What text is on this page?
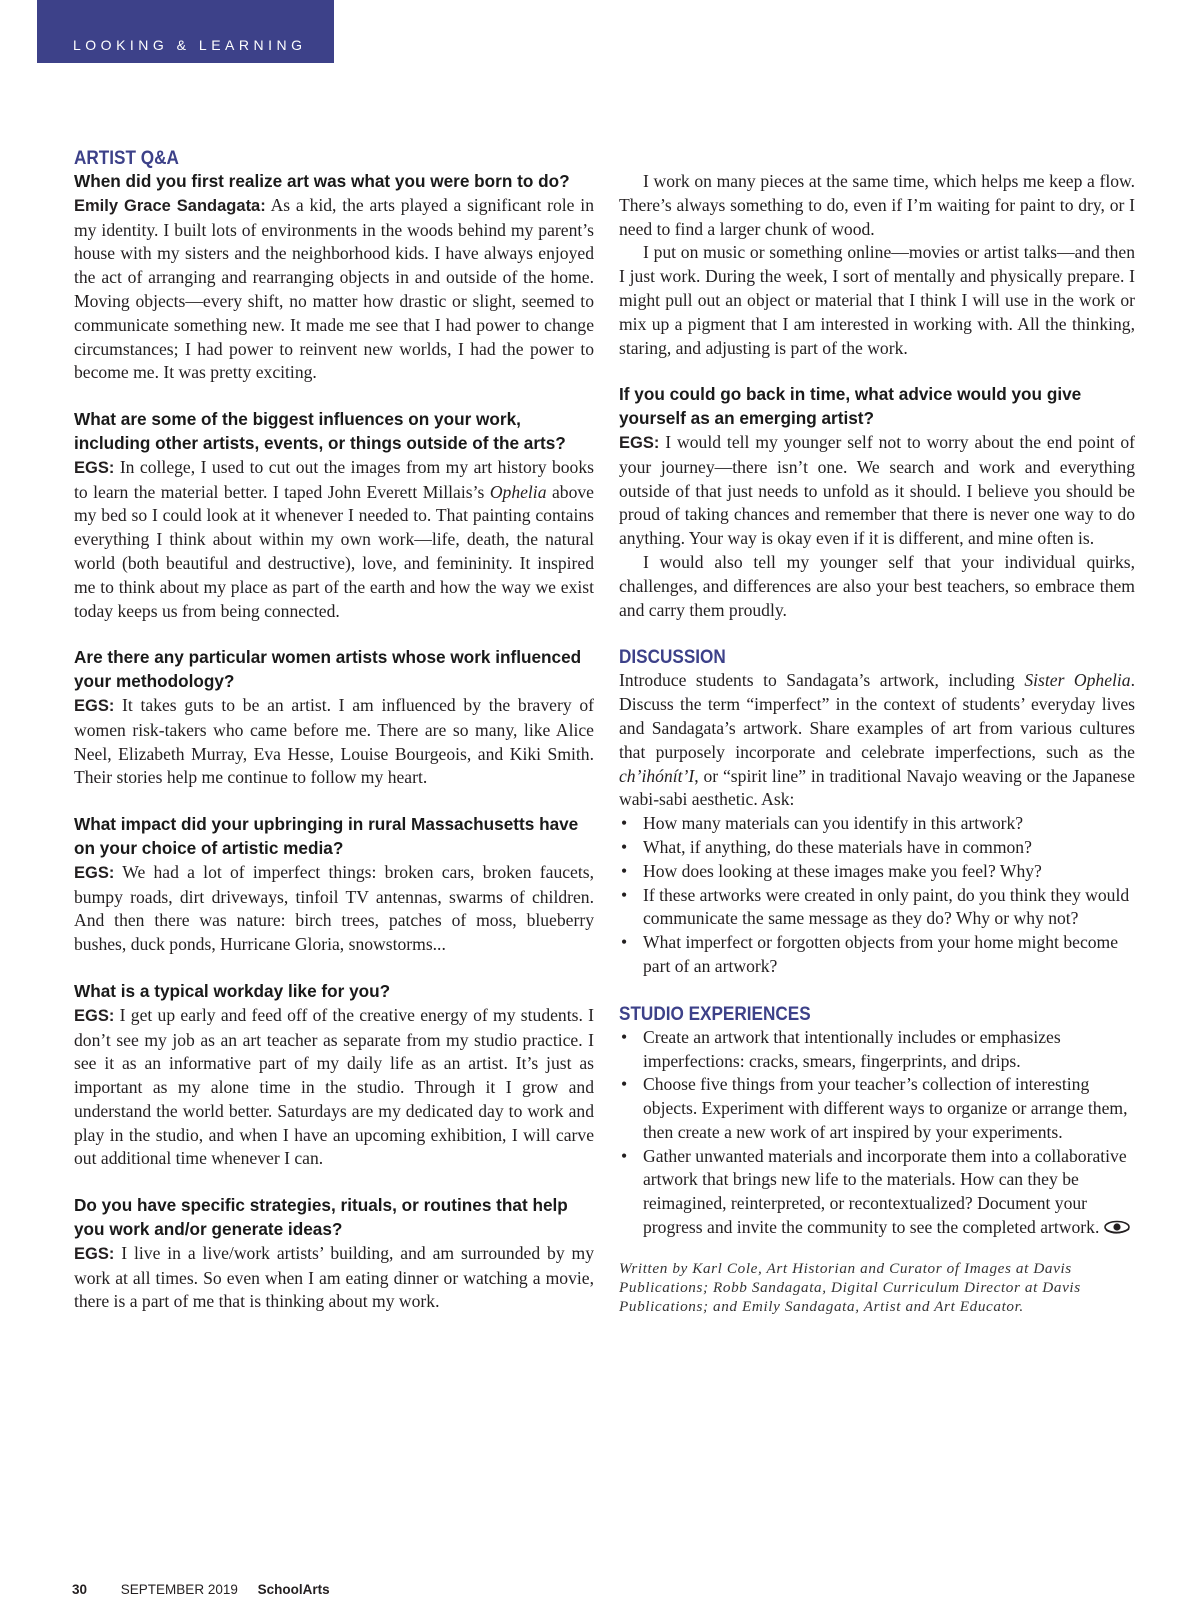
LOOKING & LEARNING
ARTIST Q&A
When did you first realize art was what you were born to do?

Emily Grace Sandagata: As a kid, the arts played a significant role in my identity. I built lots of environments in the woods behind my parent’s house with my sisters and the neighborhood kids. I have always enjoyed the act of arranging and rearranging objects in and outside of the home. Moving objects—every shift, no matter how drastic or slight, seemed to communicate something new. It made me see that I had power to change circumstances; I had power to reinvent new worlds, I had the power to become me. It was pretty exciting.

What are some of the biggest influences on your work, including other artists, events, or things outside of the arts?

EGS: In college, I used to cut out the images from my art history books to learn the material better. I taped John Everett Millais’s Ophelia above my bed so I could look at it whenever I needed to. That painting contains everything I think about within my own work—life, death, the natural world (both beautiful and destructive), love, and femininity. It inspired me to think about my place as part of the earth and how the way we exist today keeps us from being connected.

Are there any particular women artists whose work influenced your methodology?

EGS: It takes guts to be an artist. I am influenced by the bravery of women risk-takers who came before me. There are so many, like Alice Neel, Elizabeth Murray, Eva Hesse, Louise Bourgeois, and Kiki Smith. Their stories help me continue to follow my heart.

What impact did your upbringing in rural Massachusetts have on your choice of artistic media?

EGS: We had a lot of imperfect things: broken cars, broken faucets, bumpy roads, dirt driveways, tinfoil TV antennas, swarms of children. And then there was nature: birch trees, patches of moss, blueberry bushes, duck ponds, Hurricane Gloria, snowstorms...

What is a typical workday like for you?

EGS: I get up early and feed off of the creative energy of my students. I don’t see my job as an art teacher as separate from my studio practice. I see it as an informative part of my daily life as an artist. It’s just as important as my alone time in the studio. Through it I grow and understand the world better. Saturdays are my dedicated day to work and play in the studio, and when I have an upcoming exhibition, I will carve out additional time whenever I can.

Do you have specific strategies, rituals, or routines that help you work and/or generate ideas?

EGS: I live in a live/work artists’ building, and am surrounded by my work at all times. So even when I am eating dinner or watching a movie, there is a part of me that is thinking about my work.

I work on many pieces at the same time, which helps me keep a flow. There’s always something to do, even if I’m waiting for paint to dry, or I need to find a larger chunk of wood.

I put on music or something online—movies or artist talks—and then I just work. During the week, I sort of mentally and physically prepare. I might pull out an object or material that I think I will use in the work or mix up a pigment that I am interested in working with. All the thinking, staring, and adjusting is part of the work.

If you could go back in time, what advice would you give yourself as an emerging artist?

EGS: I would tell my younger self not to worry about the end point of your journey—there isn’t one. We search and work and everything outside of that just needs to unfold as it should. I believe you should be proud of taking chances and remember that there is never one way to do anything. Your way is okay even if it is different, and mine often is.

I would also tell my younger self that your individual quirks, challenges, and differences are also your best teachers, so embrace them and carry them proudly.

DISCUSSION

Introduce students to Sandagata’s artwork, including Sister Ophelia. Discuss the term “imperfect” in the context of students’ everyday lives and Sandagata’s artwork. Share examples of art from various cultures that purposely incorporate and celebrate imperfections, such as the ch’ihónít’I, or “spirit line” in traditional Navajo weaving or the Japanese wabi-sabi aesthetic. Ask:

• How many materials can you identify in this artwork?
• What, if anything, do these materials have in common?
• How does looking at these images make you feel? Why?
• If these artworks were created in only paint, do you think they would communicate the same message as they do? Why or why not?
• What imperfect or forgotten objects from your home might become part of an artwork?
STUDIO EXPERIENCES
• Create an artwork that intentionally includes or emphasizes imperfections: cracks, smears, fingerprints, and drips.
• Choose five things from your teacher’s collection of interesting objects. Experiment with different ways to organize or arrange them, then create a new work of art inspired by your experiments.
• Gather unwanted materials and incorporate them into a collaborative artwork that brings new life to the materials. How can they be reimagined, reinterpreted, or recontextualized? Document your progress and invite the community to see the completed artwork.
Written by Karl Cole, Art Historian and Curator of Images at Davis Publications; Robb Sandagata, Digital Curriculum Director at Davis Publications; and Emily Sandagata, Artist and Art Educator.
30	SEPTEMBER 2019 SchoolArts
